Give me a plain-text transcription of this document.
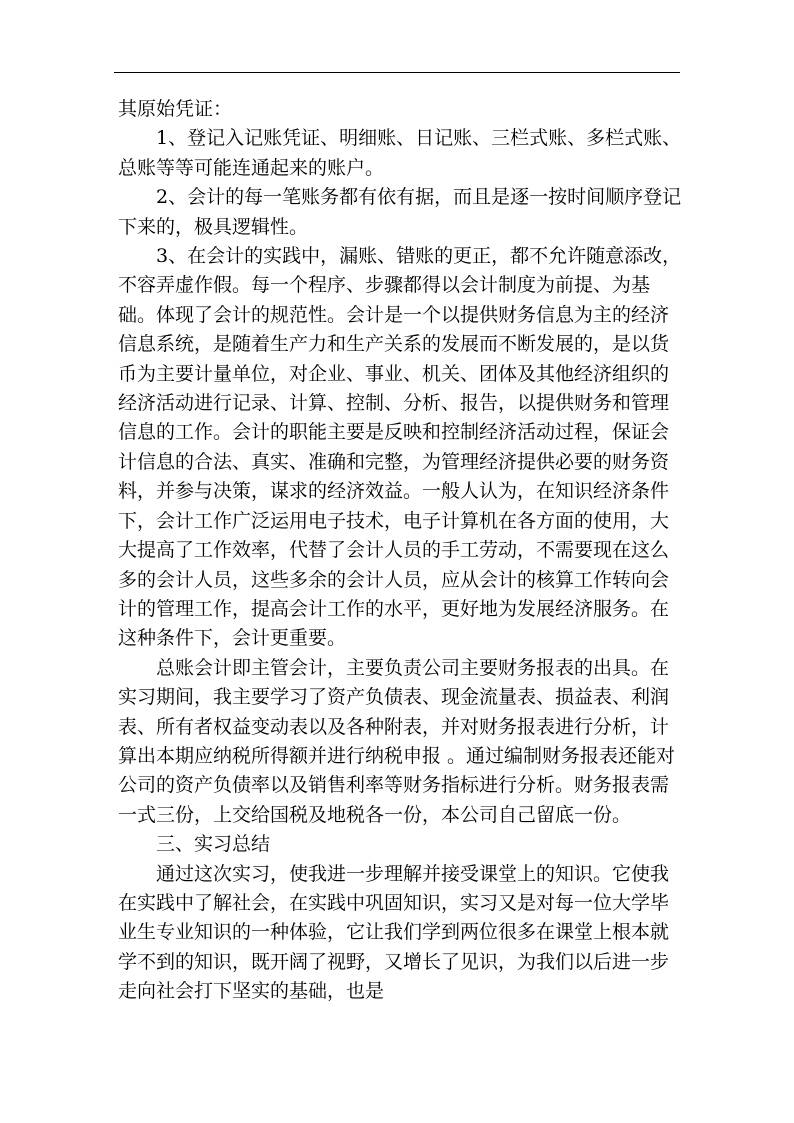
其原始凭证：

1、登记入记账凭证、明细账、日记账、三栏式账、多栏式账、总账等等可能连通起来的账户。

2、会计的每一笔账务都有依有据，而且是逐一按时间顺序登记下来的，极具逻辑性。

3、在会计的实践中，漏账、错账的更正，都不允许随意添改，不容弄虚作假。每一个程序、步骤都得以会计制度为前提、为基础。体现了会计的规范性。会计是一个以提供财务信息为主的经济信息系统，是随着生产力和生产关系的发展而不断发展的，是以货币为主要计量单位，对企业、事业、机关、团体及其他经济组织的经济活动进行记录、计算、控制、分析、报告，以提供财务和管理信息的工作。会计的职能主要是反映和控制经济活动过程，保证会计信息的合法、真实、准确和完整，为管理经济提供必要的财务资料，并参与决策，谋求的经济效益。一般人认为，在知识经济条件下，会计工作广泛运用电子技术，电子计算机在各方面的使用，大大提高了工作效率，代替了会计人员的手工劳动，不需要现在这么多的会计人员，这些多余的会计人员，应从会计的核算工作转向会计的管理工作，提高会计工作的水平，更好地为发展经济服务。在这种条件下，会计更重要。

总账会计即主管会计，主要负责公司主要财务报表的出具。在实习期间，我主要学习了资产负债表、现金流量表、损益表、利润表、所有者权益变动表以及各种附表，并对财务报表进行分析，计算出本期应纳税所得额并进行纳税申报 。通过编制财务报表还能对公司的资产负债率以及销售利率等财务指标进行分析。财务报表需一式三份，上交给国税及地税各一份，本公司自己留底一份。

三、实习总结

通过这次实习，使我进一步理解并接受课堂上的知识。它使我在实践中了解社会，在实践中巩固知识，实习又是对每一位大学毕业生专业知识的一种体验，它让我们学到两位很多在课堂上根本就学不到的知识，既开阔了视野，又增长了见识，为我们以后进一步走向社会打下坚实的基础，也是
